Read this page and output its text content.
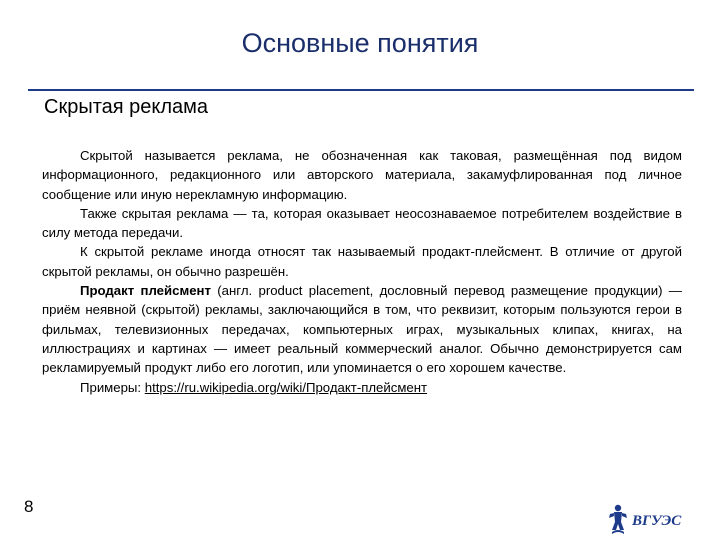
Основные понятия
Скрытая реклама

Скрытой называется реклама, не обозначенная как таковая, размещённая под видом информационного, редакционного или авторского материала, закамуфлированная под личное сообщение или иную нерекламную информацию.

Также скрытая реклама — та, которая оказывает неосознаваемое потребителем воздействие в силу метода передачи.

К скрытой рекламе иногда относят так называемый продакт-плейсмент. В отличие от другой скрытой рекламы, он обычно разрешён.

Продакт плейсмент (англ. product placement, дословный перевод размещение продукции) — приём неявной (скрытой) рекламы, заключающийся в том, что реквизит, которым пользуются герои в фильмах, телевизионных передачах, компьютерных играх, музыкальных клипах, книгах, на иллюстрациях и картинах — имеет реальный коммерческий аналог. Обычно демонстрируется сам рекламируемый продукт либо его логотип, или упоминается о его хорошем качестве.

Примеры: https://ru.wikipedia.org/wiki/Продакт-плейсмент

8
ВГУЭС
